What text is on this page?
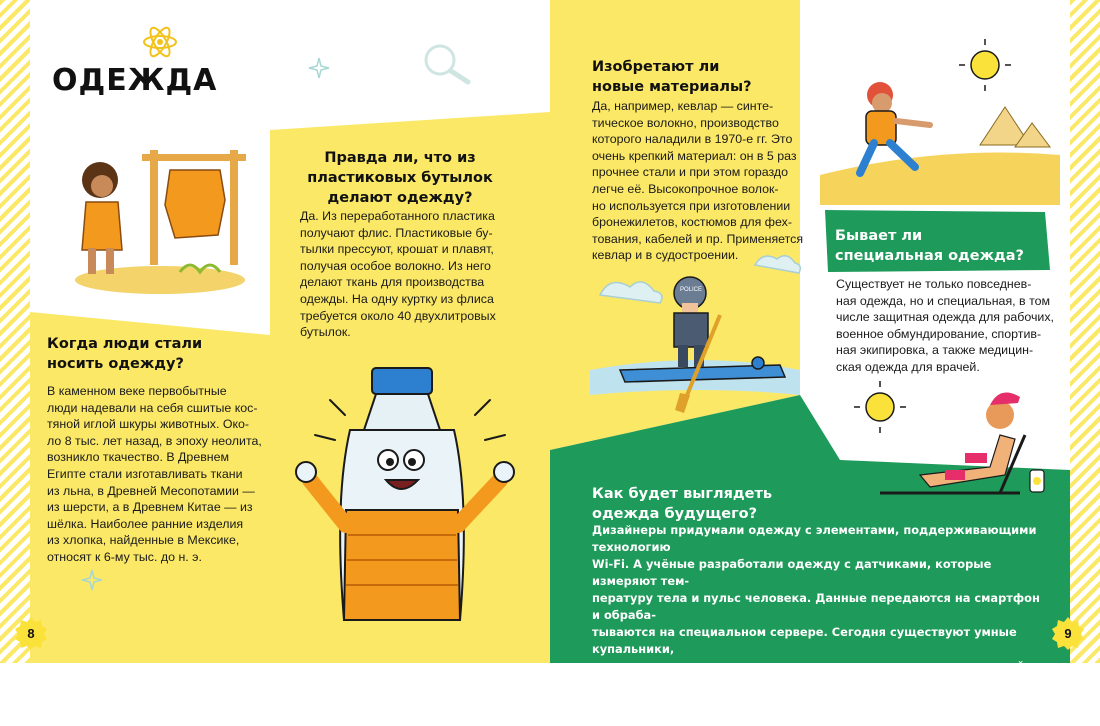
ОДЕЖДА
Когда люди стали
носить одежду?
В каменном веке первобытные
люди надевали на себя сшитые кос-
тяной иглой шкуры животных. Око-
ло 8 тыс. лет назад, в эпоху неолита,
возникло ткачество. В Древнем
Египте стали изготавливать ткани
из льна, в Древней Месопотамии —
из шерсти, а в Древнем Китае — из
шёлка. Наиболее ранние изделия
из хлопка, найденные в Мексике,
относят к 6-му тыс. до н. э.
Правда ли, что из
пластиковых бутылок
делают одежду?
Да. Из переработанного пластика
получают флис. Пластиковые бу-
тылки прессуют, крошат и плавят,
получая особое волокно. Из него
делают ткань для производства
одежды. На одну куртку из флиса
требуется около 40 двухлитровых
бутылок.
Изобретают ли
новые материалы?
Да, например, кевлар — синте-
тическое волокно, производство
которого наладили в 1970-е гг. Это
очень крепкий материал: он в 5 раз
прочнее стали и при этом гораздо
легче её. Высокопрочное волок-
но используется при изготовлении
бронежилетов, костюмов для фех-
тования, кабелей и пр. Применяется
кевлар и в судостроении.
POLICE
Бывает ли
специальная одежда?
Существует не только повседнев-
ная одежда, но и специальная, в том
числе защитная одежда для рабочих,
военное обмундирование, спортив-
ная экипировка, а также медицин-
ская одежда для врачей.
Как будет выглядеть
одежда будущего?
Дизайнеры придумали одежду с элементами, поддерживающими технологию
Wi-Fi. А учёные разработали одежду с датчиками, которые измеряют тем-
пературу тела и пульс человека. Данные передаются на смартфон и обраба-
тываются на специальном сервере. Сегодня существуют умные купальники,
пропускающие солнечные лучи, что позволяет получить ровный загар. Есть
и купальники с датчиком, который предупреждает о том, что пора уйти в тень.
8	9
